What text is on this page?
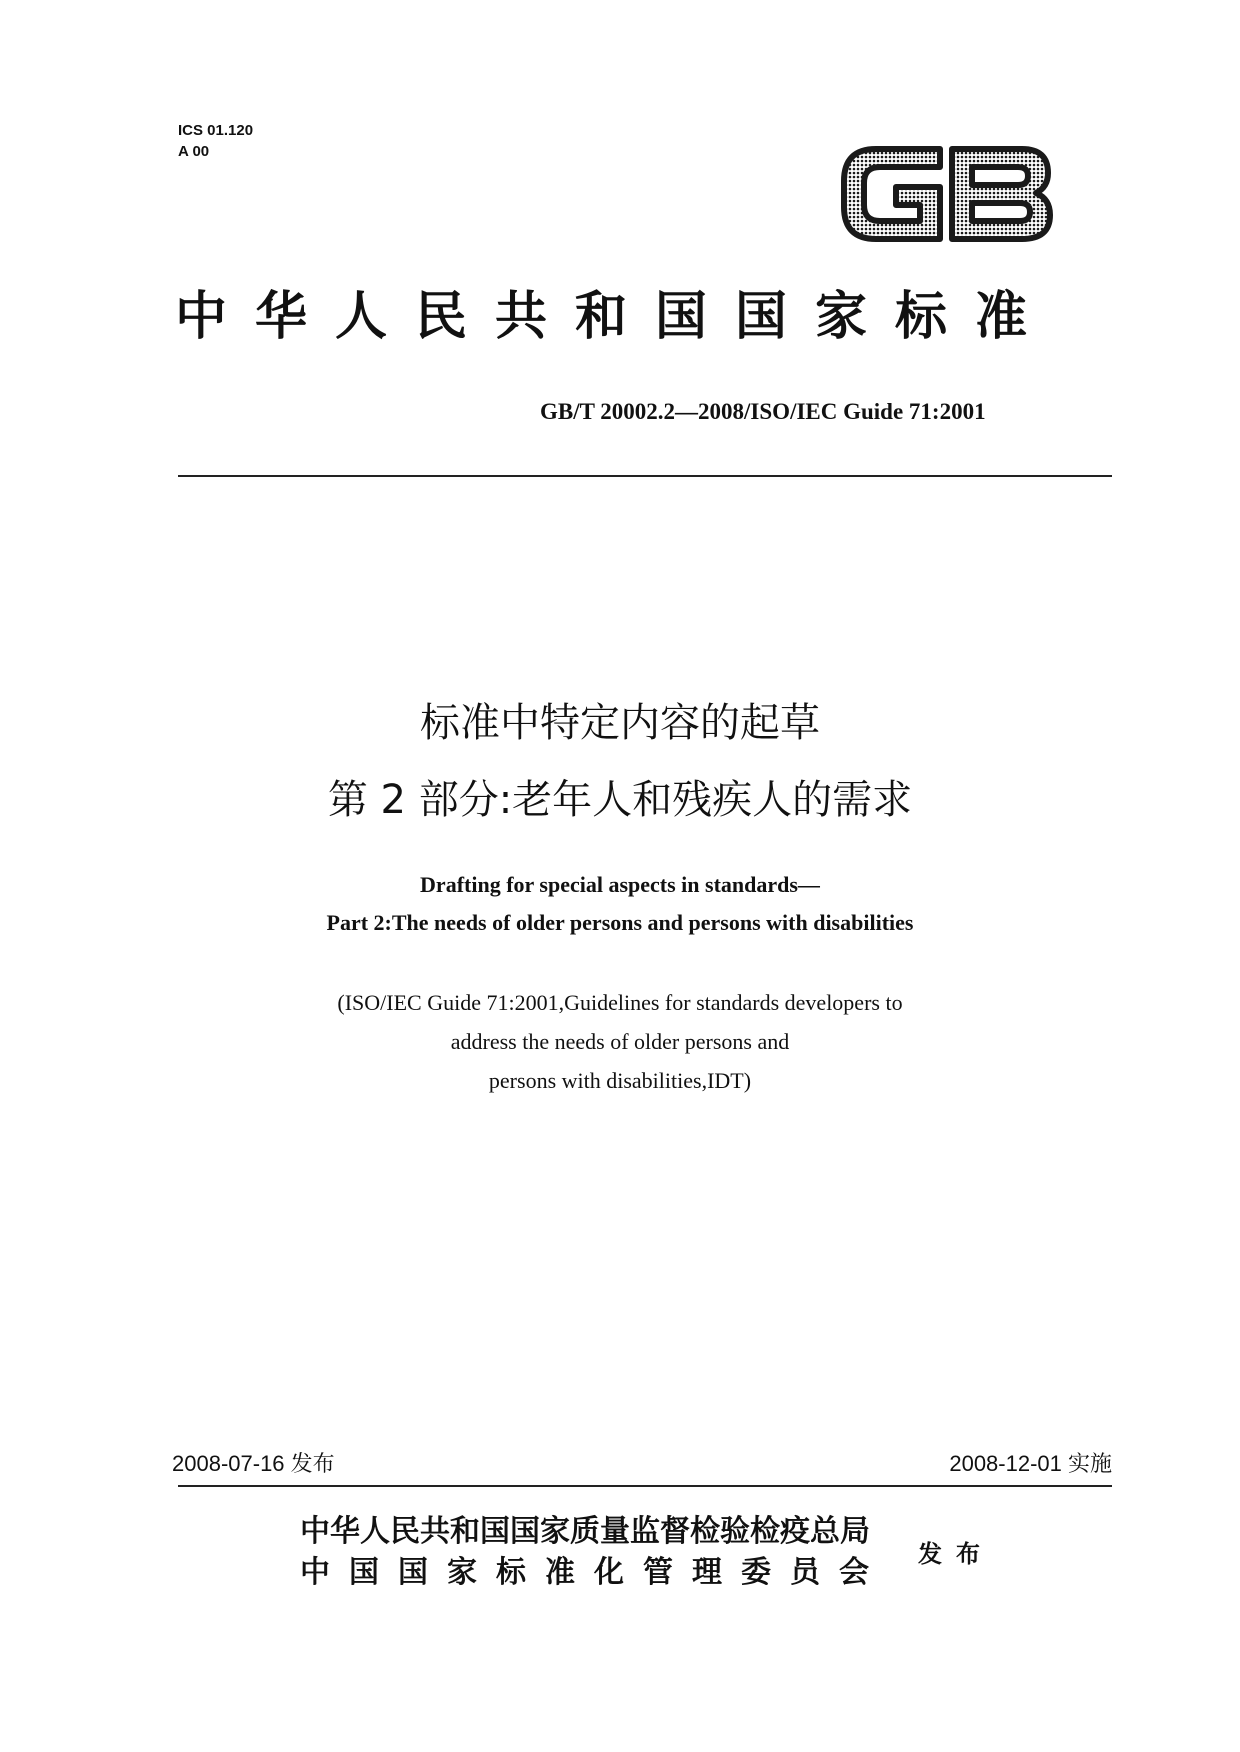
ICS 01.120
A 00
中华人民共和国国家标准
GB/T 20002.2—2008/ISO/IEC Guide 71:2001
标准中特定内容的起草
第 2 部分:老年人和残疾人的需求
Drafting for special aspects in standards—
Part 2:The needs of older persons and persons with disabilities
(ISO/IEC Guide 71:2001,Guidelines for standards developers to
address the needs of older persons and
persons with disabilities,IDT)
2008-07-16 发布	2008-12-01 实施
中华人民共和国国家质量监督检验检疫总局
中国国家标准化管理委员会
发布
